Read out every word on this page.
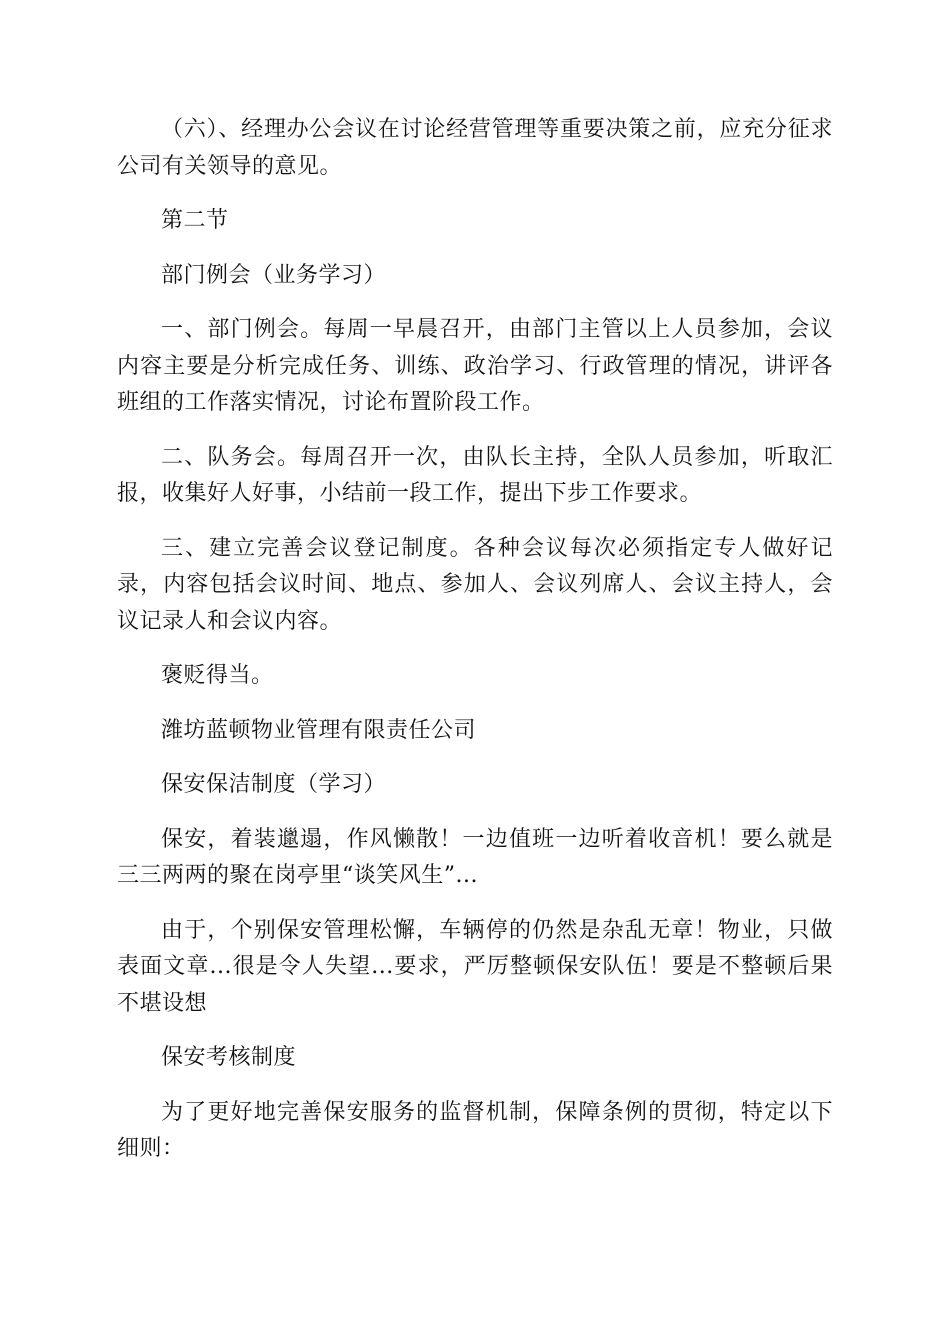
（六）、经理办公会议在讨论经营管理等重要决策之前，应充分征求公司有关领导的意见。

第二节

部门例会（业务学习）

一、部门例会。每周一早晨召开，由部门主管以上人员参加，会议内容主要是分析完成任务、训练、政治学习、行政管理的情况，讲评各班组的工作落实情况，讨论布置阶段工作。

二、队务会。每周召开一次，由队长主持，全队人员参加，听取汇报，收集好人好事，小结前一段工作，提出下步工作要求。

三、建立完善会议登记制度。各种会议每次必须指定专人做好记录，内容包括会议时间、地点、参加人、会议列席人、会议主持人，会议记录人和会议内容。

褒贬得当。

潍坊蓝顿物业管理有限责任公司

保安保洁制度（学习）

保安，着装邋遢，作风懒散！一边值班一边听着收音机！要么就是三三两两的聚在岗亭里“谈笑风生”...

由于，个别保安管理松懈，车辆停的仍然是杂乱无章！物业，只做表面文章...很是令人失望...要求，严厉整顿保安队伍！要是不整顿后果不堪设想

保安考核制度

为了更好地完善保安服务的监督机制，保障条例的贯彻，特定以下细则：
